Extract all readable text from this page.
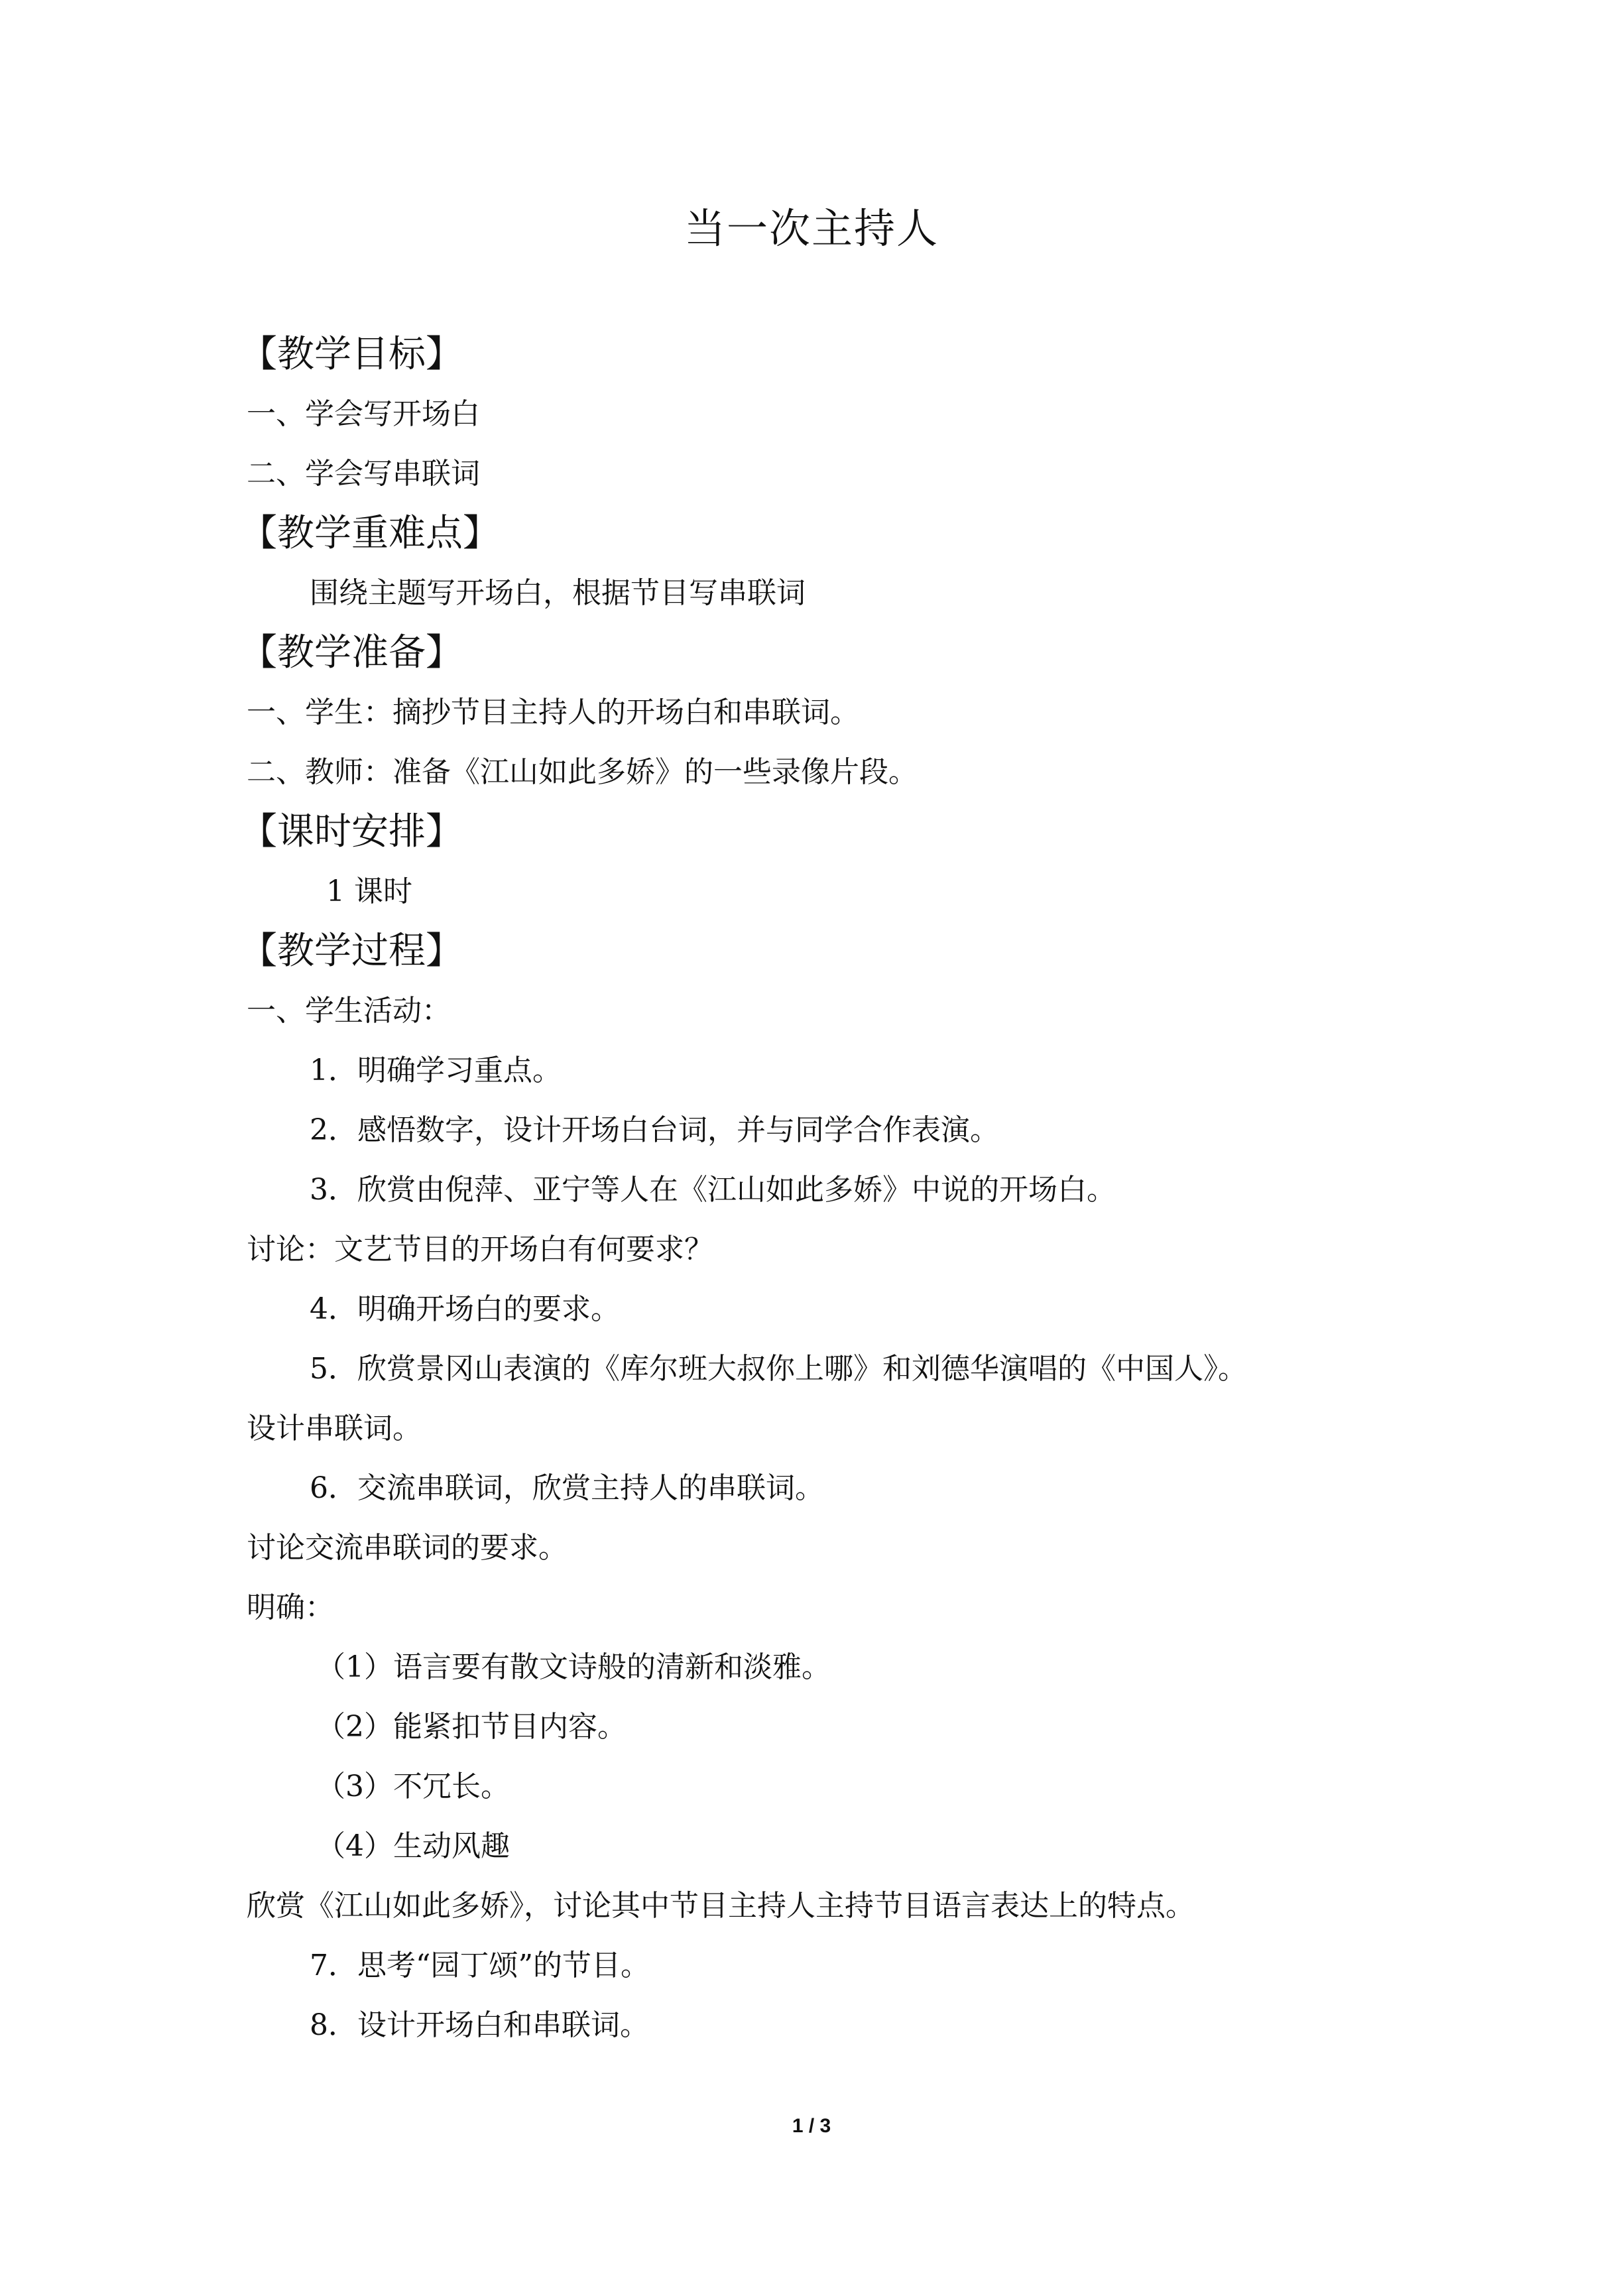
当一次主持人
【教学目标】
一、学会写开场白
二、学会写串联词
【教学重难点】
围绕主题写开场白，根据节目写串联词
【教学准备】
一、学生：摘抄节目主持人的开场白和串联词。
二、教师：准备《江山如此多娇》的一些录像片段。
【课时安排】
1 课时
【教学过程】
一、学生活动：
1．明确学习重点。
2．感悟数字，设计开场白台词，并与同学合作表演。
3．欣赏由倪萍、亚宁等人在《江山如此多娇》中说的开场白。
讨论：文艺节目的开场白有何要求？
4．明确开场白的要求。
5．欣赏景冈山表演的《库尔班大叔你上哪》和刘德华演唱的《中国人》。
设计串联词。
6．交流串联词，欣赏主持人的串联词。
讨论交流串联词的要求。
明确：
（1）语言要有散文诗般的清新和淡雅。
（2）能紧扣节目内容。
（3）不冗长。
（4）生动风趣
欣赏《江山如此多娇》，讨论其中节目主持人主持节目语言表达上的特点。
7．思考“园丁颂”的节目。
8．设计开场白和串联词。
1 / 3
